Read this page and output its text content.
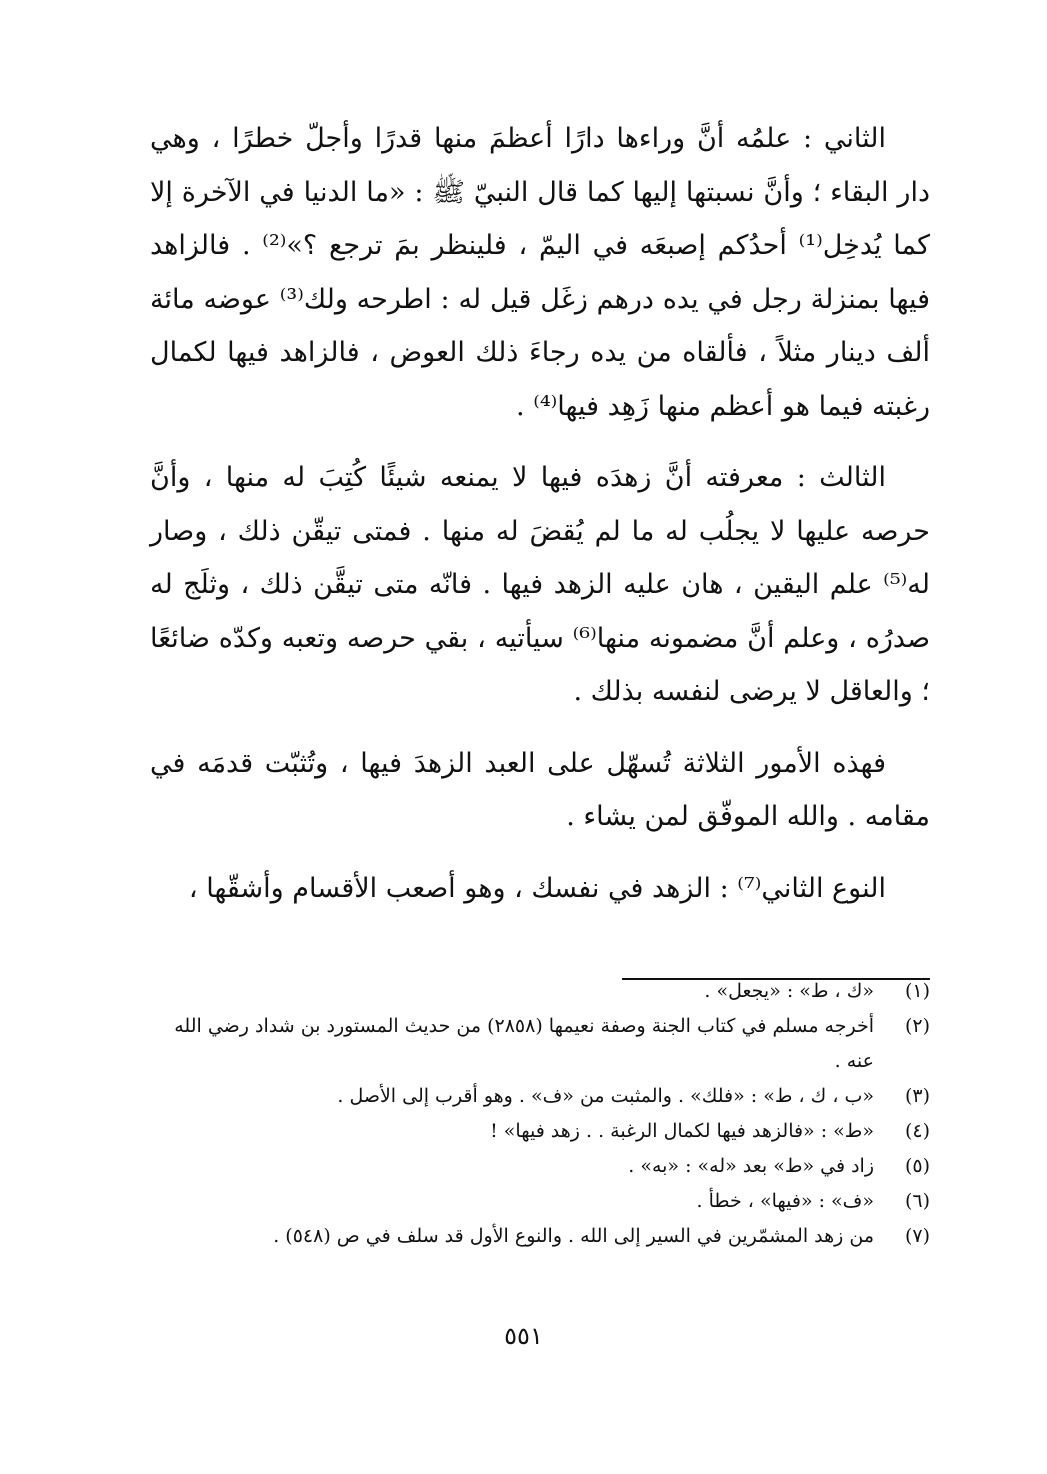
الثاني : علمُه أنَّ وراءها دارًا أعظمَ منها قدرًا وأجلّ خطرًا ، وهي دار البقاء ؛ وأنَّ نسبتها إليها كما قال النبيّ ﷺ : «ما الدنيا في الآخرة إلا كما يُدخِل⁽¹⁾ أحدُكم إصبعَه في اليمّ ، فلينظر بمَ ترجع ؟»⁽²⁾ . فالزاهد فيها بمنزلة رجل في يده درهم زغَل قيل له : اطرحه ولك⁽³⁾ عوضه مائة ألف دينار مثلاً ، فألقاه من يده رجاءَ ذلك العوض ، فالزاهد فيها لكمال رغبته فيما هو أعظم منها زَهِد فيها⁽⁴⁾ .

الثالث : معرفته أنَّ زهدَه فيها لا يمنعه شيئًا كُتِبَ له منها ، وأنَّ حرصه عليها لا يجلُب له ما لم يُقضَ له منها . فمتى تيقّن ذلك ، وصار له⁽⁵⁾ علم اليقين ، هان عليه الزهد فيها . فانّه متى تيقَّن ذلك ، وثلَج له صدرُه ، وعلم أنَّ مضمونه منها⁽⁶⁾ سيأتيه ، بقي حرصه وتعبه وكدّه ضائعًا ؛ والعاقل لا يرضى لنفسه بذلك .

فهذه الأمور الثلاثة تُسهّل على العبد الزهدَ فيها ، وتُثبّت قدمَه في مقامه . والله الموفّق لمن يشاء .

النوع الثاني⁽⁷⁾ : الزهد في نفسك ، وهو أصعب الأقسام وأشقّها ،

(١)
«ك ، ط» : «يجعل» .
(٢)
أخرجه مسلم في كتاب الجنة وصفة نعيمها (٢٨٥٨) من حديث المستورد بن شداد رضي الله عنه .
(٣)
«ب ، ك ، ط» : «فلك» . والمثبت من «ف» . وهو أقرب إلى الأصل .
(٤)
«ط» : «فالزهد فيها لكمال الرغبة . . زهد فيها» !
(٥)
زاد في «ط» بعد «له» : «به» .
(٦)
«ف» : «فيها» ، خطأ .
(٧)
من زهد المشمّرين في السير إلى الله . والنوع الأول قد سلف في ص (٥٤٨) .
٥٥١
